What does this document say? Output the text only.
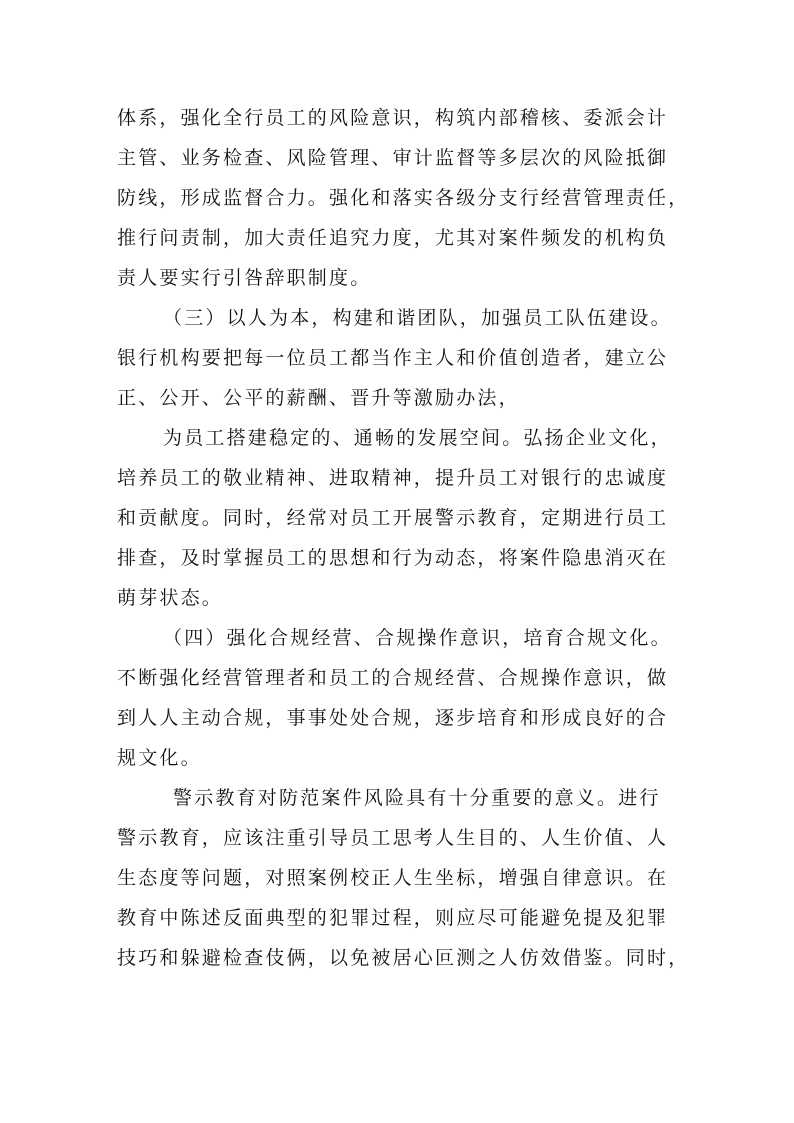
体系，强化全行员工的风险意识，构筑内部稽核、委派会计
主管、业务检查、风险管理、审计监督等多层次的风险抵御
防线，形成监督合力。强化和落实各级分支行经营管理责任，
推行问责制，加大责任追究力度，尤其对案件频发的机构负
责人要实行引咎辞职制度。
（三）以人为本，构建和谐团队，加强员工队伍建设。
银行机构要把每一位员工都当作主人和价值创造者，建立公
正、公开、公平的薪酬、晋升等激励办法，
为员工搭建稳定的、通畅的发展空间。弘扬企业文化，
培养员工的敬业精神、进取精神，提升员工对银行的忠诚度
和贡献度。同时，经常对员工开展警示教育，定期进行员工
排查，及时掌握员工的思想和行为动态，将案件隐患消灭在
萌芽状态。
（四）强化合规经营、合规操作意识，培育合规文化。
不断强化经营管理者和员工的合规经营、合规操作意识，做
到人人主动合规，事事处处合规，逐步培育和形成良好的合
规文化。
警示教育对防范案件风险具有十分重要的意义。进行
警示教育，应该注重引导员工思考人生目的、人生价值、人
生态度等问题，对照案例校正人生坐标，增强自律意识。在
教育中陈述反面典型的犯罪过程，则应尽可能避免提及犯罪
技巧和躲避检查伎俩，以免被居心叵测之人仿效借鉴。同时，
